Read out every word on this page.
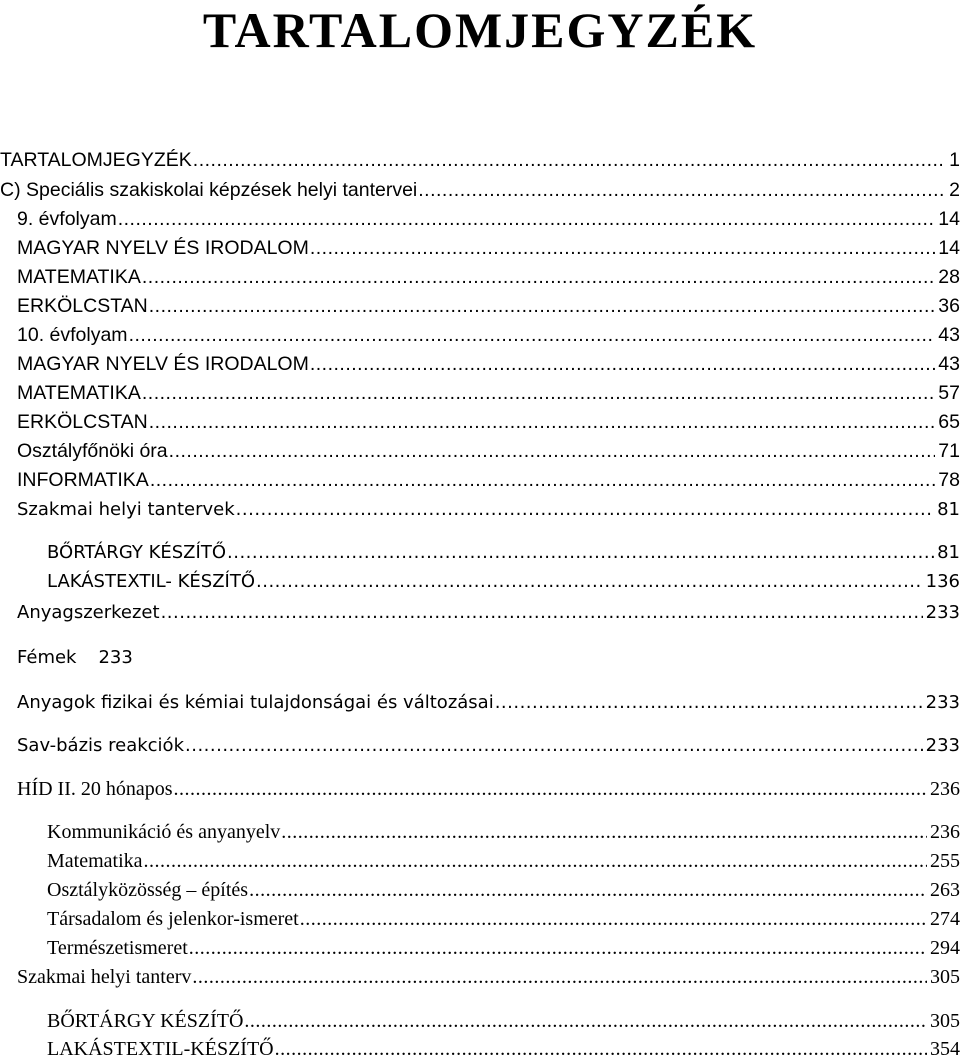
TARTALOMJEGYZÉK
TARTALOMJEGYZÉK .....	1
C) Speciális szakiskolai képzések helyi tantervei .....	2
9. évfolyam .....	14
MAGYAR NYELV ÉS IRODALOM .....	14
MATEMATIKA .....	28
ERKÖLCSTAN .....	36
10. évfolyam .....	43
MAGYAR NYELV ÉS IRODALOM .....	43
MATEMATIKA .....	57
ERKÖLCSTAN .....	65
Osztályfőnöki óra .....	71
INFORMATIKA .....	78
Szakmai helyi tantervek .....	81
BŐRTÁRGY KÉSZÍTŐ .....	81
LAKÁSTEXTIL- KÉSZÍTŐ .....	136
Anyagszerkezet .....	233
Fémek 233
Anyagok fizikai és kémiai tulajdonságai és változásai .....	233
Sav-bázis reakciók .....	233
HÍD II. 20 hónapos .....	236
Kommunikáció és anyanyelv .....	236
Matematika .....	255
Osztályközösség – építés .....	263
Társadalom és jelenkor-ismeret .....	274
Természetismeret .....	294
Szakmai helyi tanterv .....	305
BŐRTÁRGY KÉSZÍTŐ .....	305
LAKÁSTEXTIL-KÉSZÍTŐ .....	354
